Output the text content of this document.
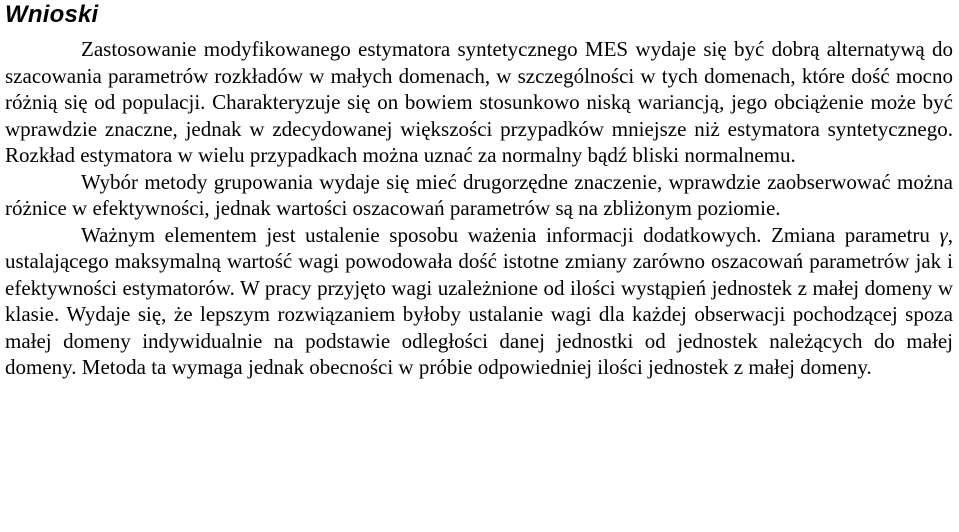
Wnioski

Zastosowanie modyfikowanego estymatora syntetycznego MES wydaje się być dobrą alternatywą do szacowania parametrów rozkładów w małych domenach, w szczególności w tych domenach, które dość mocno różnią się od populacji. Charakteryzuje się on bowiem stosunkowo niską wariancją, jego obciążenie może być wprawdzie znaczne, jednak w zdecydowanej większości przypadków mniejsze niż estymatora syntetycznego. Rozkład estymatora w wielu przypadkach można uznać za normalny bądź bliski normalnemu.

Wybór metody grupowania wydaje się mieć drugorzędne znaczenie, wprawdzie zaobserwować można różnice w efektywności, jednak wartości oszacowań parametrów są na zbliżonym poziomie.

Ważnym elementem jest ustalenie sposobu ważenia informacji dodatkowych. Zmiana parametru γ, ustalającego maksymalną wartość wagi powodowała dość istotne zmiany zarówno oszacowań parametrów jak i efektywności estymatorów. W pracy przyjęto wagi uzależnione od ilości wystąpień jednostek z małej domeny w klasie. Wydaje się, że lepszym rozwiązaniem byłoby ustalanie wagi dla każdej obserwacji pochodzącej spoza małej domeny indywidualnie na podstawie odległości danej jednostki od jednostek należących do małej domeny. Metoda ta wymaga jednak obecności w próbie odpowiedniej ilości jednostek z małej domeny.
